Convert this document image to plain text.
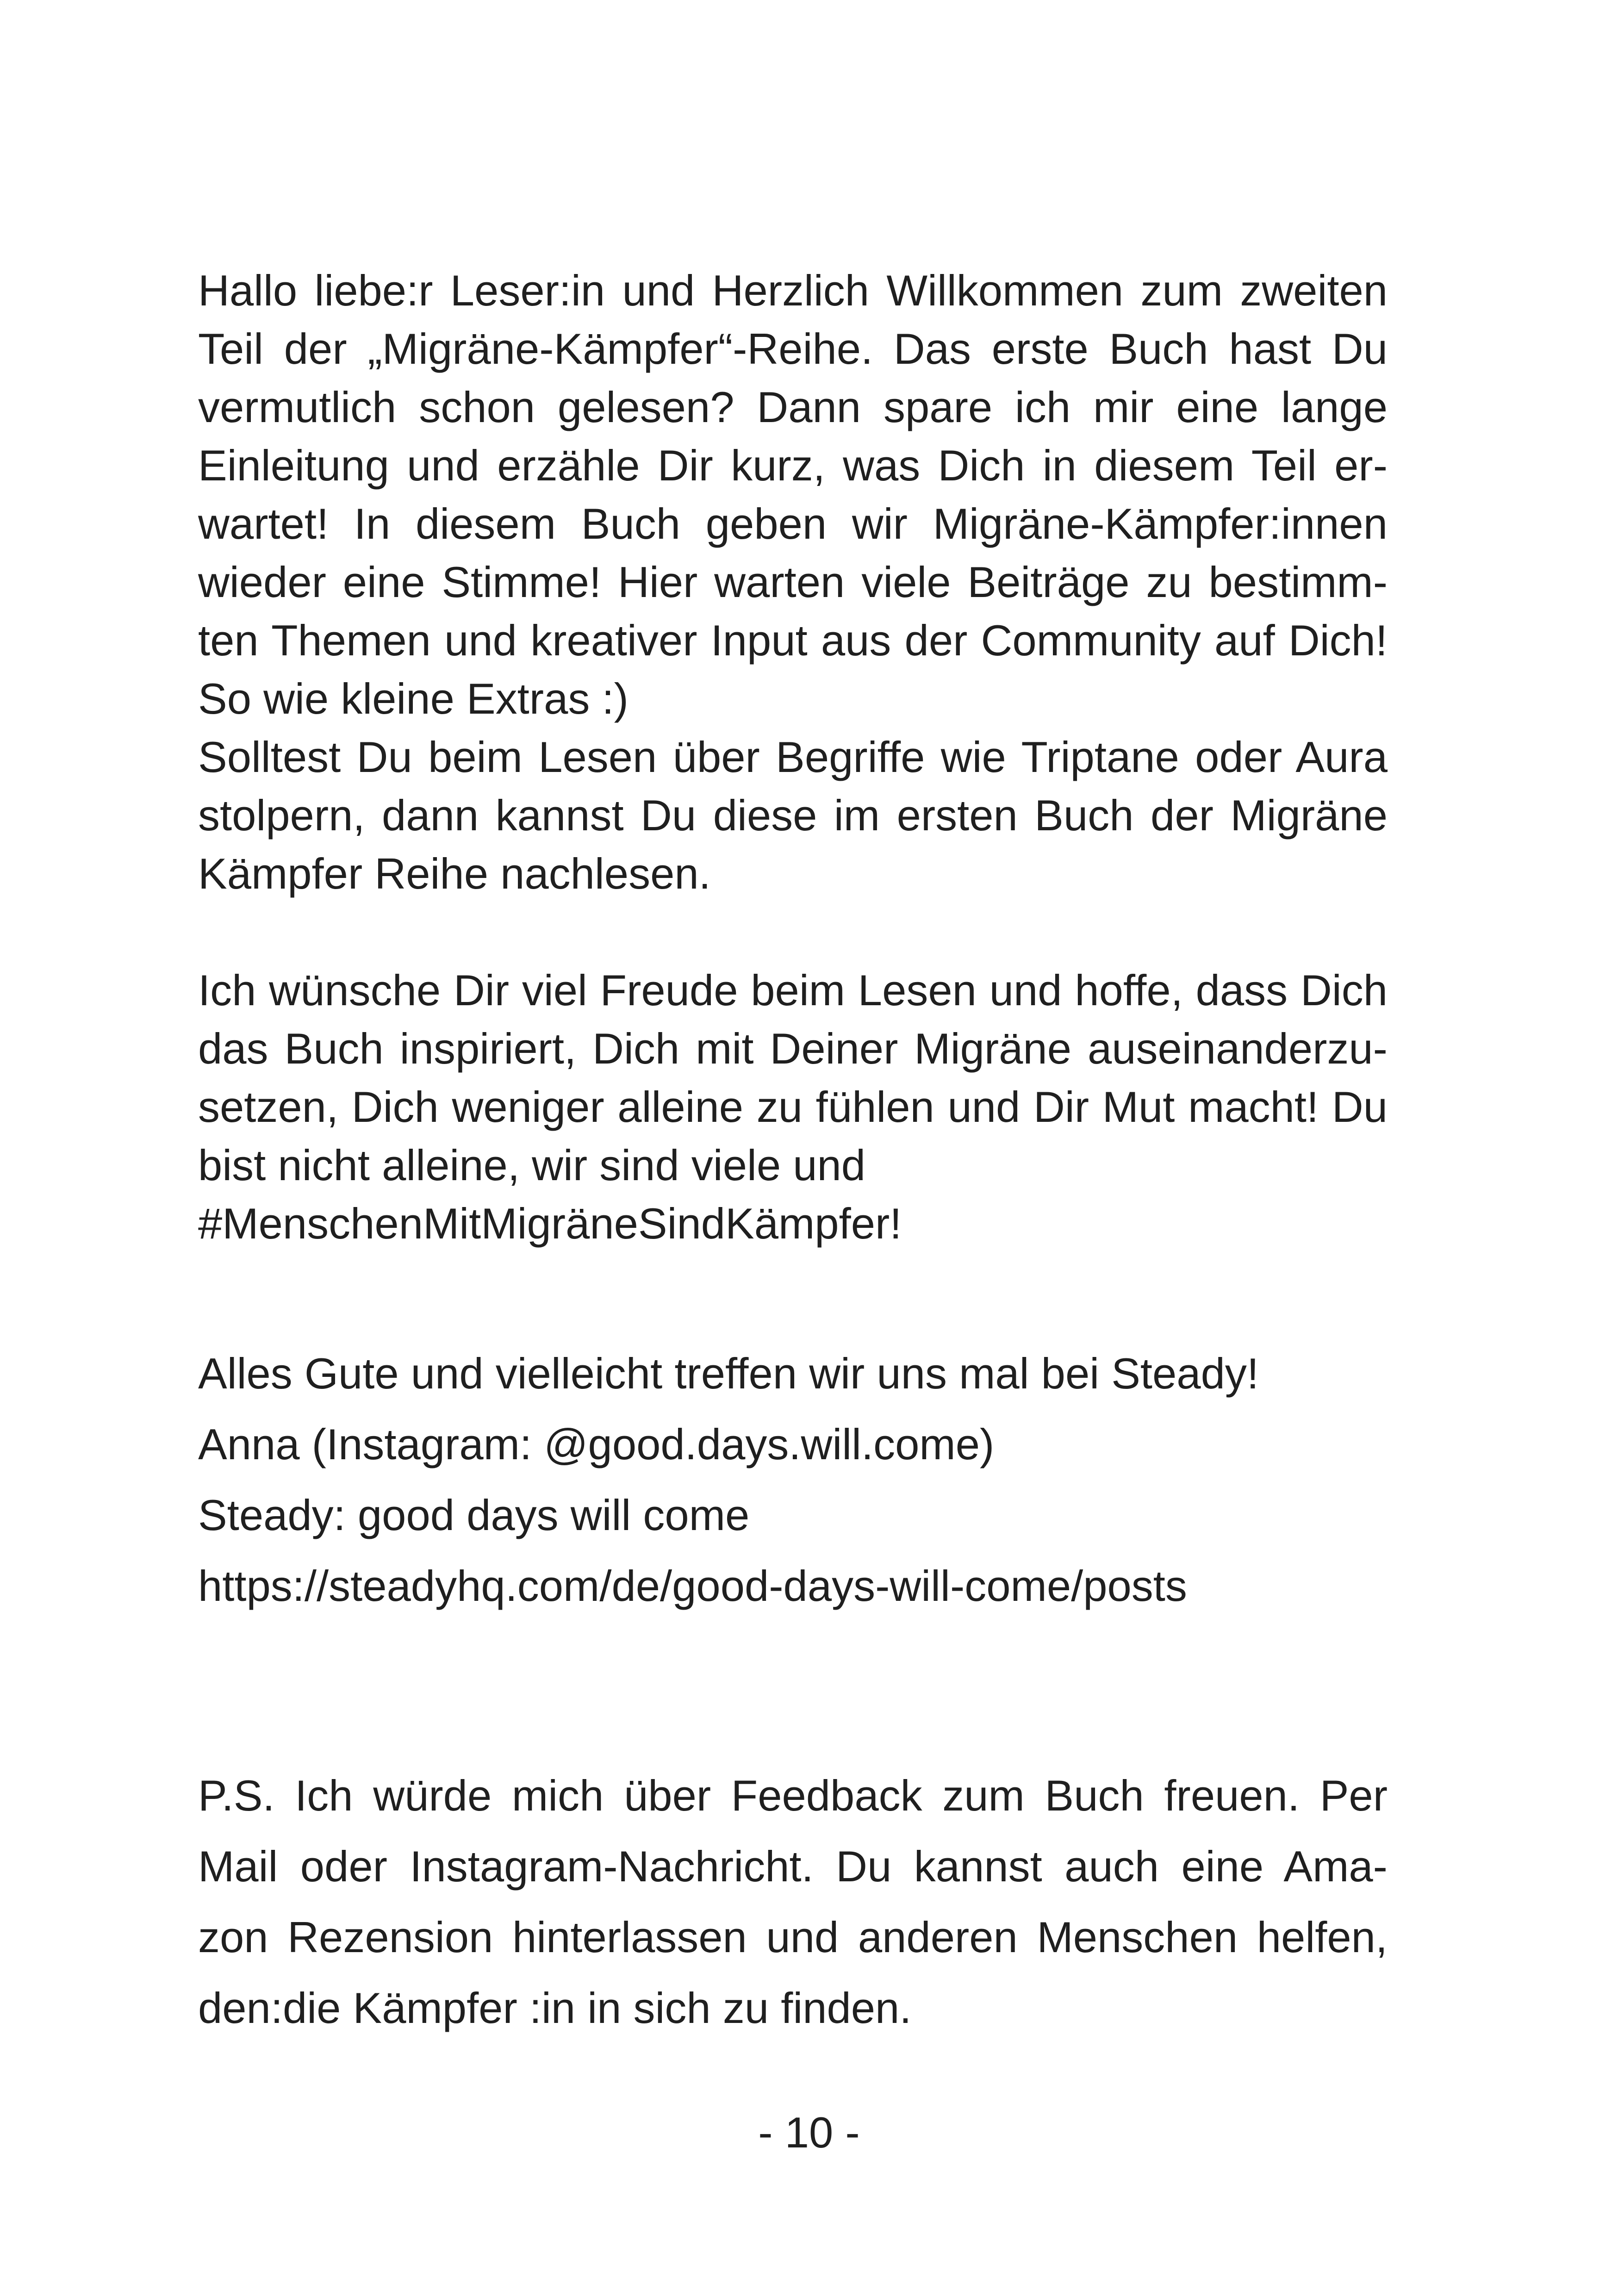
Hallo liebe:r Leser:in und Herzlich Willkommen zum zweiten
Teil der „Migräne-Kämpfer“-Reihe. Das erste Buch hast Du
vermutlich schon gelesen? Dann spare ich mir eine lange
Einleitung und erzähle Dir kurz, was Dich in diesem Teil er-
wartet! In diesem Buch geben wir Migräne-Kämpfer:innen
wieder eine Stimme! Hier warten viele Beiträge zu bestimm-
ten Themen und kreativer Input aus der Community auf Dich!
So wie kleine Extras :)
Solltest Du beim Lesen über Begriffe wie Triptane oder Aura
stolpern, dann kannst Du diese im ersten Buch der Migräne
Kämpfer Reihe nachlesen.
Ich wünsche Dir viel Freude beim Lesen und hoffe, dass Dich
das Buch inspiriert, Dich mit Deiner Migräne auseinanderzu-
setzen, Dich weniger alleine zu fühlen und Dir Mut macht! Du
bist nicht alleine, wir sind viele und
#MenschenMitMigräneSindKämpfer!
Alles Gute und vielleicht treffen wir uns mal bei Steady!
Anna (Instagram: @good.days.will.come)
Steady: good days will come
https://steadyhq.com/de/good-days-will-come/posts
P.S. Ich würde mich über Feedback zum Buch freuen. Per
Mail oder Instagram-Nachricht. Du kannst auch eine Ama-
zon Rezension hinterlassen und anderen Menschen helfen,
den:die Kämpfer :in in sich zu finden.
- 10 -
